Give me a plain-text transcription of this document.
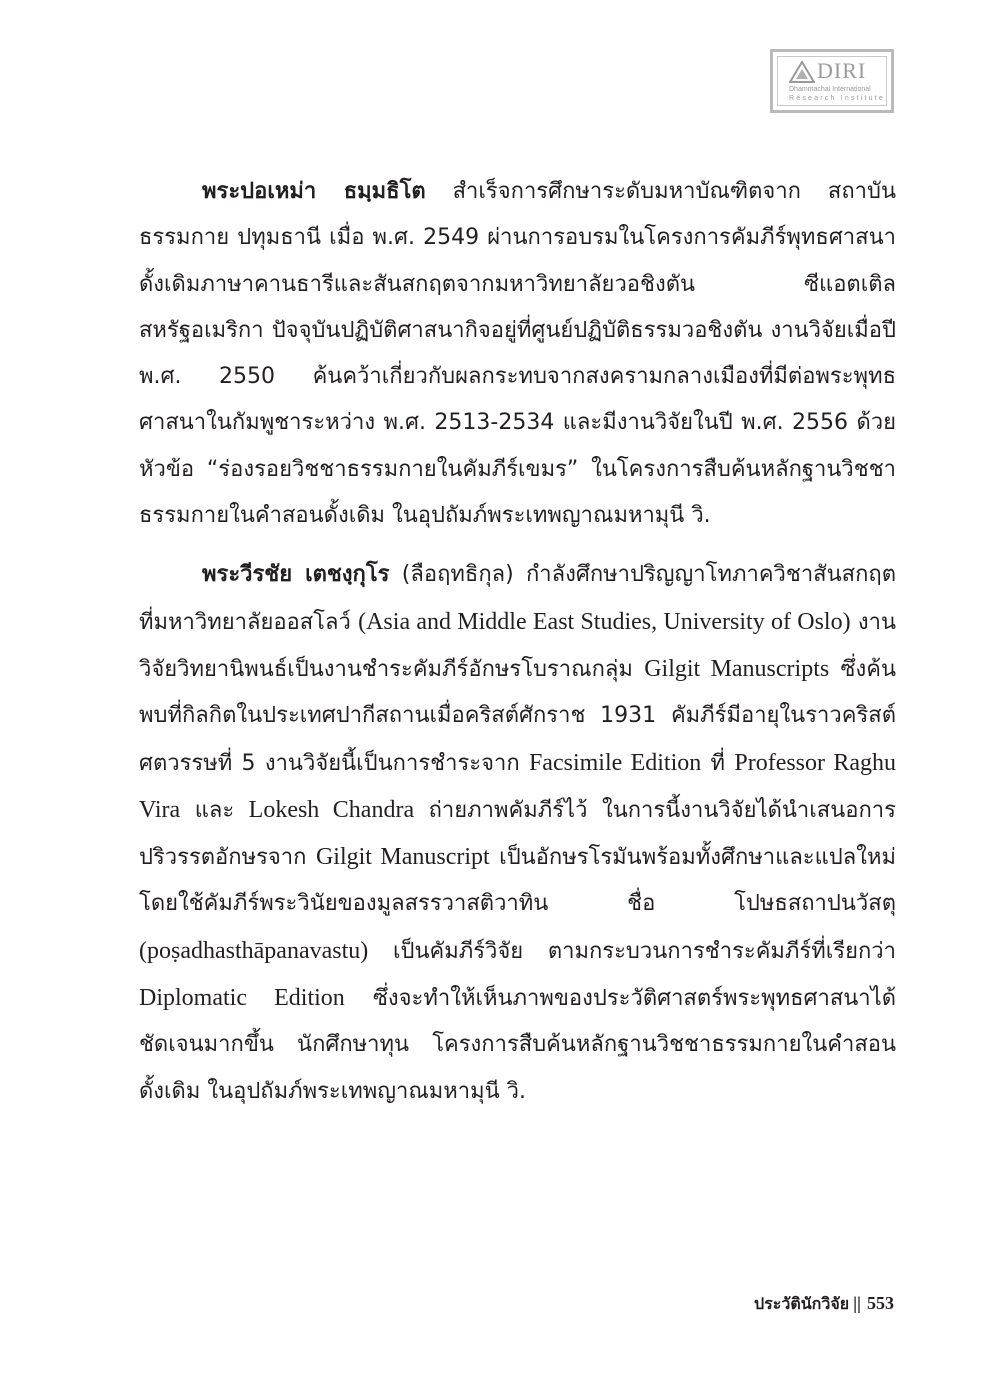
DIRI
Dhammachai International
Research Institute

พระปอเหม่า ธมฺมธิโต สำเร็จการศึกษาระดับมหาบัณฑิตจาก สถาบันธรรมกาย ปทุมธานี เมื่อ พ.ศ. 2549 ผ่านการอบรมในโครงการคัมภีร์พุทธศาสนาดั้งเดิมภาษาคานธารีและสันสกฤตจากมหาวิทยาลัยวอชิงตัน ซีแอตเติล สหรัฐอเมริกา ปัจจุบันปฏิบัติศาสนากิจอยู่ที่ศูนย์ปฏิบัติธรรมวอชิงตัน งานวิจัยเมื่อปี พ.ศ. 2550 ค้นคว้าเกี่ยวกับผลกระทบจากสงครามกลางเมืองที่มีต่อพระพุทธศาสนาในกัมพูชาระหว่าง พ.ศ. 2513-2534 และมีงานวิจัยในปี พ.ศ. 2556 ด้วยหัวข้อ “ร่องรอยวิชชาธรรมกายในคัมภีร์เขมร” ในโครงการสืบค้นหลักฐานวิชชาธรรมกายในคำสอนดั้งเดิม ในอุปถัมภ์พระเทพญาณมหามุนี วิ.

พระวีรชัย เตชงฺกุโร (ลือฤทธิกุล) กำลังศึกษาปริญญาโทภาควิชาสันสกฤต ที่มหาวิทยาลัยออสโลว์ (Asia and Middle East Studies, University of Oslo) งานวิจัยวิทยานิพนธ์เป็นงานชำระคัมภีร์อักษรโบราณกลุ่ม Gilgit Manuscripts ซึ่งค้นพบที่กิลกิตในประเทศปากีสถานเมื่อคริสต์ศักราช 1931 คัมภีร์มีอายุในราวคริสต์ศตวรรษที่ 5 งานวิจัยนี้เป็นการชำระจาก Facsimile Edition ที่ Professor Raghu Vira และ Lokesh Chandra ถ่ายภาพคัมภีร์ไว้ ในการนี้งานวิจัยได้นำเสนอการปริวรรตอักษรจาก Gilgit Manuscript เป็นอักษรโรมันพร้อมทั้งศึกษาและแปลใหม่ โดยใช้คัมภีร์พระวินัยของมูลสรรวาสติวาทิน ชื่อ โปษธสถาปนวัสตุ (poṣadhasthāpanavastu) เป็นคัมภีร์วิจัย ตามกระบวนการชำระคัมภีร์ที่เรียกว่า Diplomatic Edition ซึ่งจะทำให้เห็นภาพของประวัติศาสตร์พระพุทธศาสนาได้ชัดเจนมากขึ้น นักศึกษาทุน โครงการสืบค้นหลักฐานวิชชาธรรมกายในคำสอนดั้งเดิม ในอุปถัมภ์พระเทพญาณมหามุนี วิ.

ประวัตินักวิจัย || 553
